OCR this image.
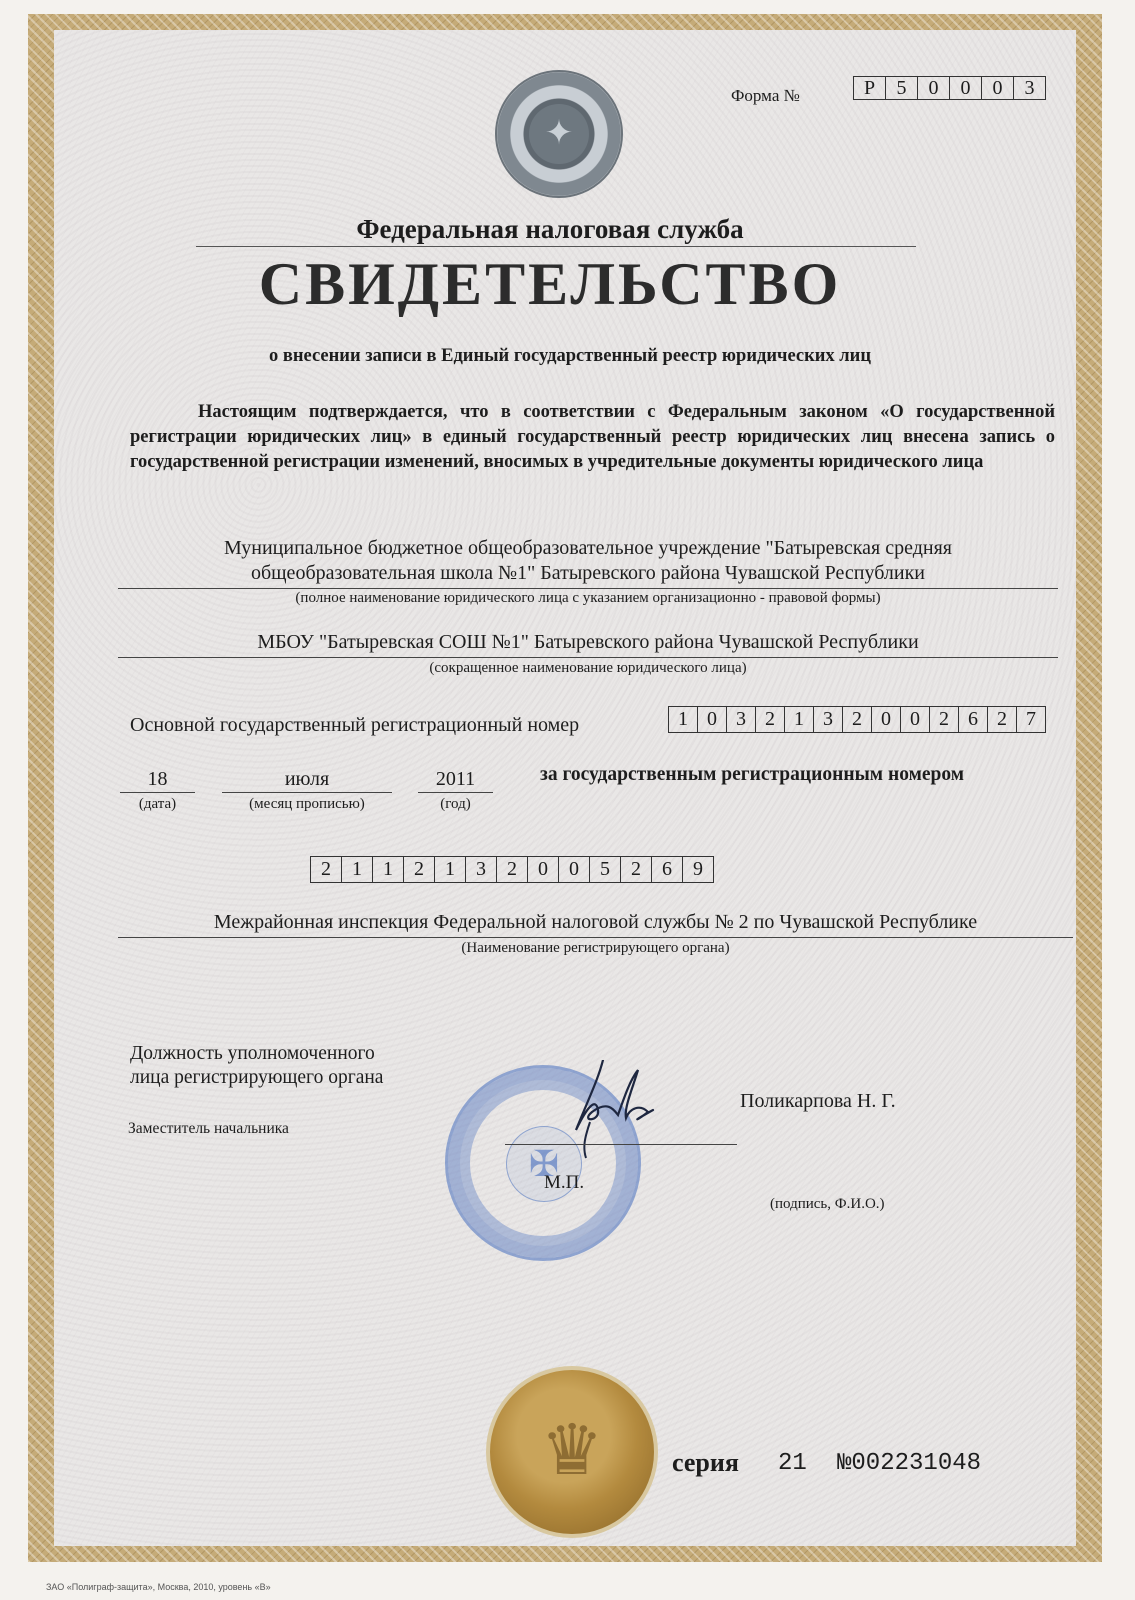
✦
Форма №	Р	5	0	0	0	3
Федеральная налоговая служба
СВИДЕТЕЛЬСТВО
о внесении записи в Единый государственный реестр юридических лиц
Настоящим подтверждается, что в соответствии с Федеральным законом «О государственной регистрации юридических лиц» в единый государственный реестр юридических лиц внесена запись о государственной регистрации изменений, вносимых в учредительные документы юридического лица
Муниципальное бюджетное общеобразовательное учреждение "Батыревская средняя
общеобразовательная школа №1" Батыревского района Чувашской Республики
(полное наименование юридического лица с указанием организационно - правовой формы)
МБОУ "Батыревская СОШ №1" Батыревского района Чувашской Республики
(сокращенное наименование юридического лица)
Основной государственный регистрационный номер	1 0 3 2 1 3 2 0 0 2 6 2 7
18
(дата)
июля
(месяц прописью)
2011
(год)
за государственным регистрационным номером
2	1	1	2	1	3	2	0	0	5	2	6	9
Межрайонная инспекция Федеральной налоговой службы № 2 по Чувашской Республике
(Наименование регистрирующего органа)
Должность уполномоченного
лица регистрирующего органа
Заместитель начальника
✠
М.П.
Поликарпова Н. Г.
(подпись, Ф.И.О.)
♛	серия 21 №002231048
ЗАО «Полиграф-защита», Москва, 2010, уровень «В»
